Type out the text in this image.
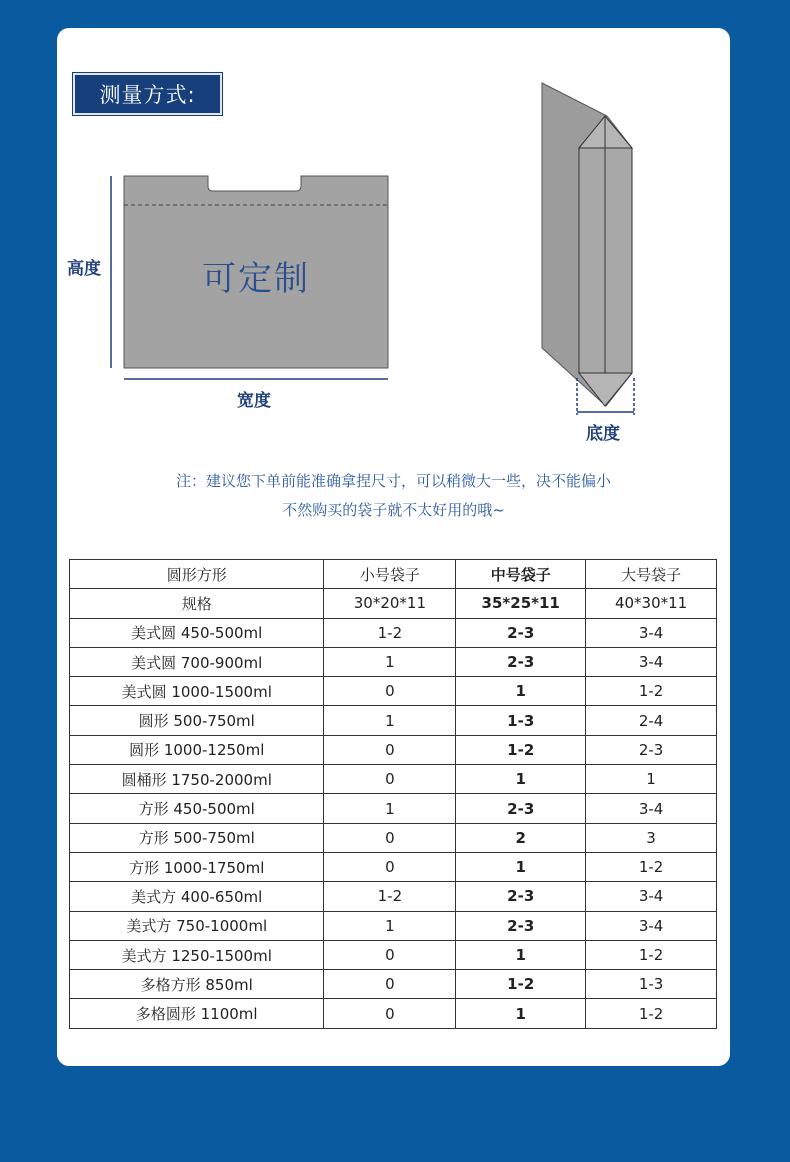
测量方式:
高度
宽度
可定制
底度
注：建议您下单前能准确拿捏尺寸，可以稍微大一些，决不能偏小
不然购买的袋子就不太好用的哦~
圆形方形	小号袋子	中号袋子	大号袋子
规格	30*20*11	35*25*11	40*30*11
美式圆 450-500ml	1-2	2-3	3-4
美式圆 700-900ml	1	2-3	3-4
美式圆 1000-1500ml	0	1	1-2
圆形 500-750ml	1	1-3	2-4
圆形 1000-1250ml	0	1-2	2-3
圆桶形 1750-2000ml	0	1	1
方形 450-500ml	1	2-3	3-4
方形 500-750ml	0	2	3
方形 1000-1750ml	0	1	1-2
美式方 400-650ml	1-2	2-3	3-4
美式方 750-1000ml	1	2-3	3-4
美式方 1250-1500ml	0	1	1-2
多格方形 850ml	0	1-2	1-3
多格圆形 1100ml	0	1	1-2
